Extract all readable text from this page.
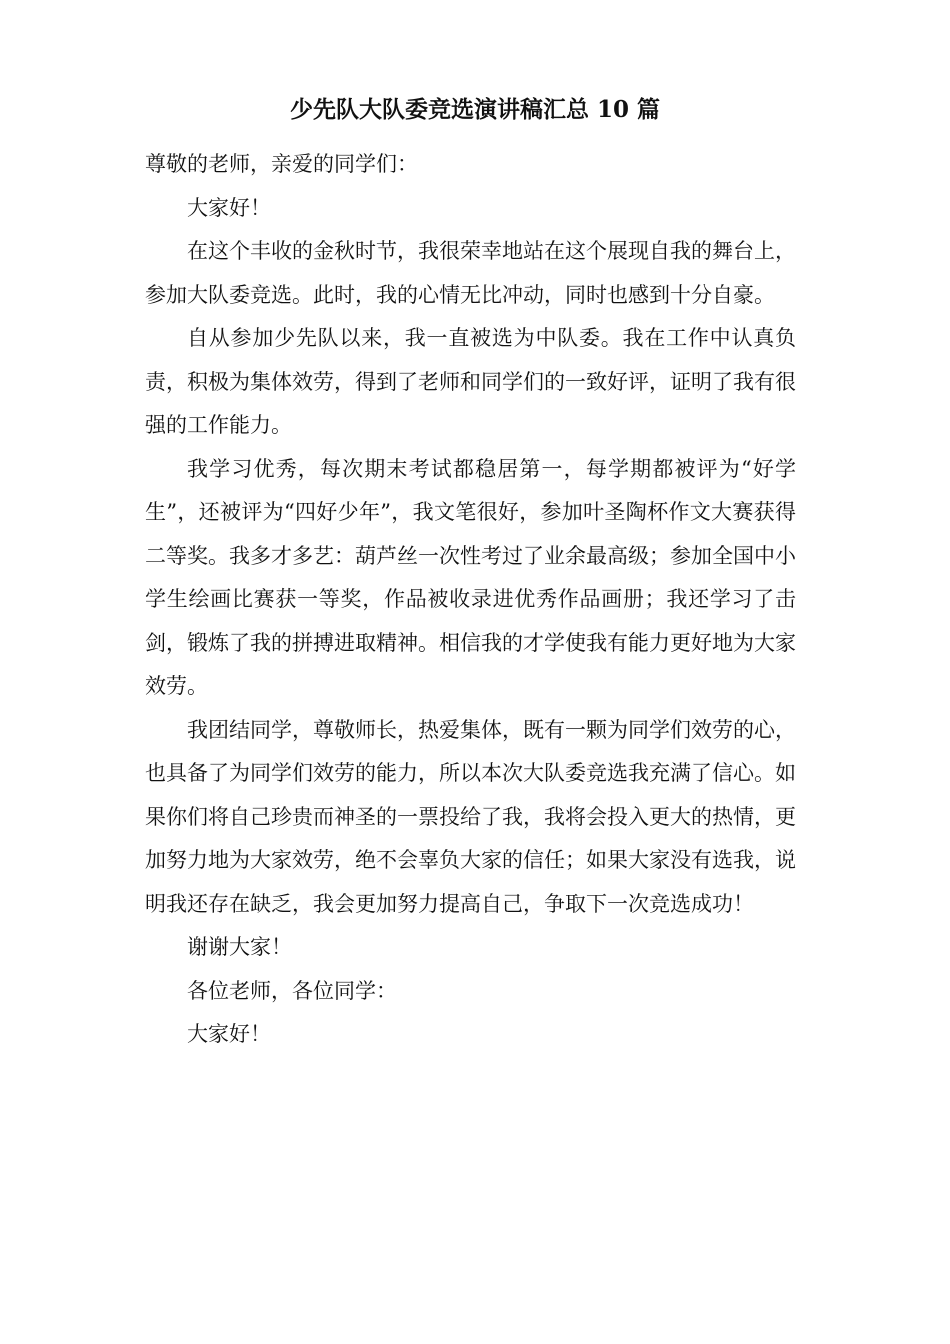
少先队大队委竞选演讲稿汇总 10 篇

尊敬的老师，亲爱的同学们：

大家好！

在这个丰收的金秋时节，我很荣幸地站在这个展现自我的舞台上，参加大队委竞选。此时，我的心情无比冲动，同时也感到十分自豪。

自从参加少先队以来，我一直被选为中队委。我在工作中认真负责，积极为集体效劳，得到了老师和同学们的一致好评，证明了我有很强的工作能力。

我学习优秀，每次期末考试都稳居第一，每学期都被评为“好学生”，还被评为“四好少年”，我文笔很好，参加叶圣陶杯作文大赛获得二等奖。我多才多艺：葫芦丝一次性考过了业余最高级；参加全国中小学生绘画比赛获一等奖，作品被收录进优秀作品画册；我还学习了击剑，锻炼了我的拼搏进取精神。相信我的才学使我有能力更好地为大家效劳。

我团结同学，尊敬师长，热爱集体，既有一颗为同学们效劳的心，也具备了为同学们效劳的能力，所以本次大队委竞选我充满了信心。如果你们将自己珍贵而神圣的一票投给了我，我将会投入更大的热情，更加努力地为大家效劳，绝不会辜负大家的信任；如果大家没有选我，说明我还存在缺乏，我会更加努力提高自己，争取下一次竞选成功！

谢谢大家！

各位老师，各位同学：

大家好！
